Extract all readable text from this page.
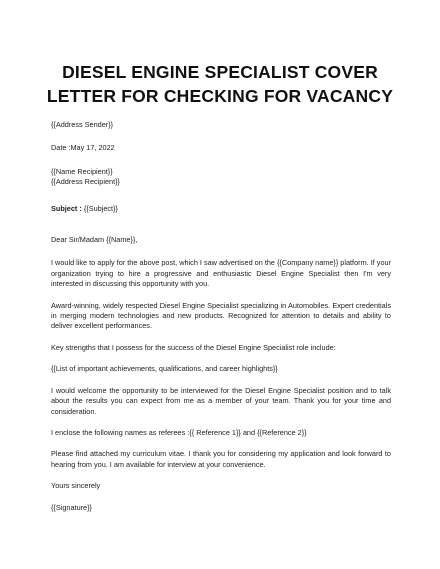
DIESEL ENGINE SPECIALIST COVER LETTER FOR CHECKING FOR VACANCY

{{Address Sender}}

Date :May 17, 2022

{{Name Recipient}}

{{Address Recipient}}

Subject : {{Subject}}

Dear Sir/Madam {{Name}},

I would like to apply for the above post, which I saw advertised on the {{Company name}} platform. If your organization trying to hire a progressive and enthusiastic Diesel Engine Specialist then I'm very interested in discussing this opportunity with you.

Award-winning, widely respected Diesel Engine Specialist specializing in Automobiles. Expert credentials in merging modern technologies and new products. Recognized for attention to details and ability to deliver excellent performances.

Key strengths that I possess for the success of the Diesel Engine Specialist role include:

{{List of important achievements, qualifications, and career highlights}}

I would welcome the opportunity to be interviewed for the Diesel Engine Specialist position and to talk about the results you can expect from me as a member of your team. Thank you for your time and consideration.

I enclose the following names as referees :{{ Reference 1}} and {{Reference 2}}

Please find attached my curriculum vitae. I thank you for considering my application and look forward to hearing from you. I am available for interview at your convenience.

Yours sincerely

{{Signature}}
